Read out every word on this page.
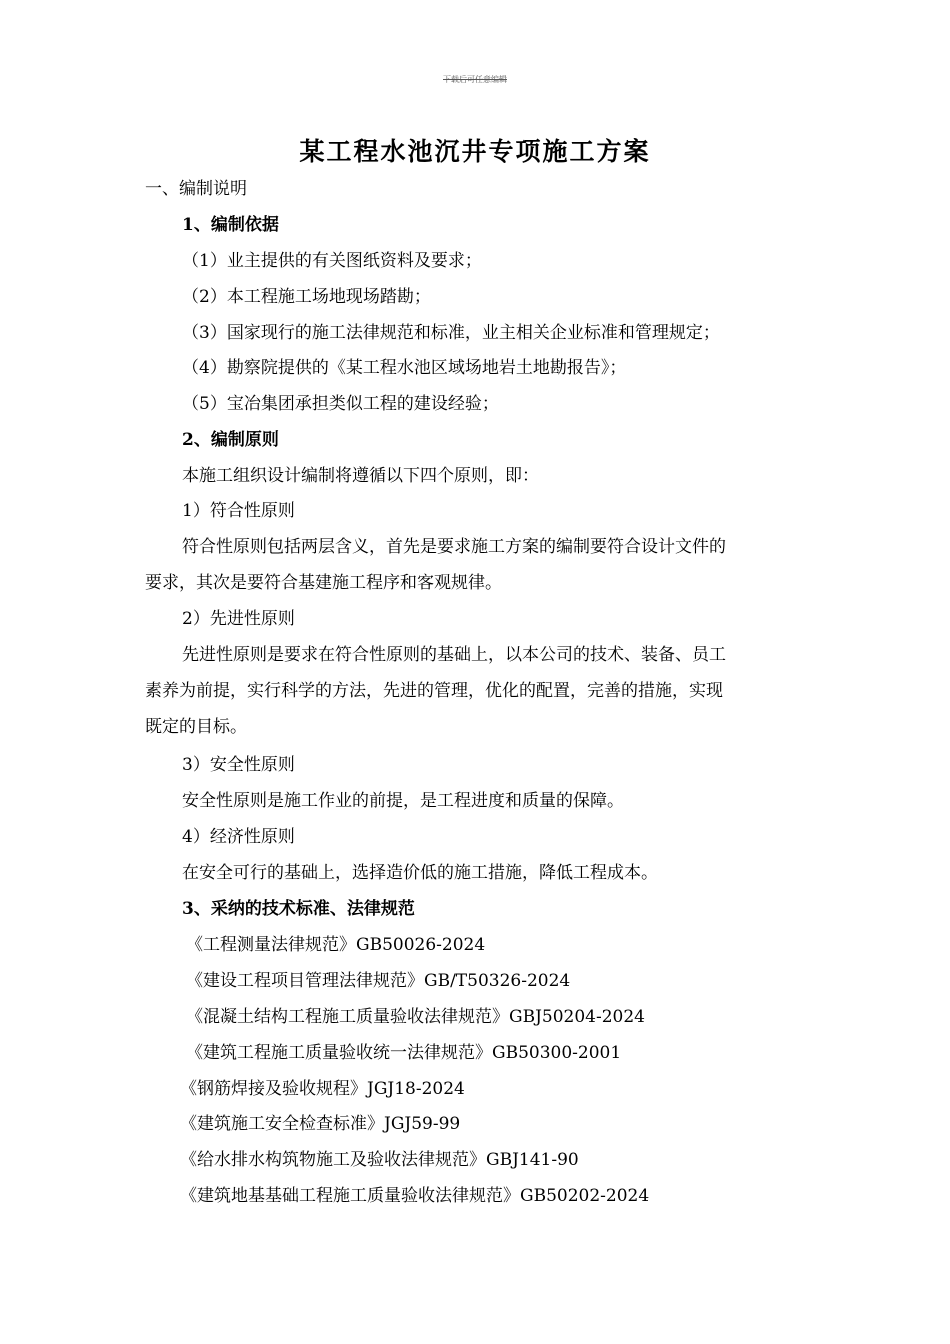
下载后可任意编辑
某工程水池沉井专项施工方案
一、编制说明
1、编制依据
（1）业主提供的有关图纸资料及要求；
（2）本工程施工场地现场踏勘；
（3）国家现行的施工法律规范和标准，业主相关企业标准和管理规定；
（4）勘察院提供的《某工程水池区域场地岩土地勘报告》；
（5）宝冶集团承担类似工程的建设经验；
2、编制原则
本施工组织设计编制将遵循以下四个原则，即：
1）符合性原则
符合性原则包括两层含义，首先是要求施工方案的编制要符合设计文件的
要求，其次是要符合基建施工程序和客观规律。
2）先进性原则
先进性原则是要求在符合性原则的基础上，以本公司的技术、装备、员工
素养为前提，实行科学的方法，先进的管理，优化的配置，完善的措施，实现
既定的目标。
3）安全性原则
安全性原则是施工作业的前提，是工程进度和质量的保障。
4）经济性原则
在安全可行的基础上，选择造价低的施工措施，降低工程成本。
3、采纳的技术标准、法律规范
《工程测量法律规范》GB50026-2024
《建设工程项目管理法律规范》GB/T50326-2024
《混凝土结构工程施工质量验收法律规范》GBJ50204-2024
《建筑工程施工质量验收统一法律规范》GB50300-2001
《钢筋焊接及验收规程》JGJ18-2024
《建筑施工安全检查标准》JGJ59-99
《给水排水构筑物施工及验收法律规范》GBJ141-90
《建筑地基基础工程施工质量验收法律规范》GB50202-2024
